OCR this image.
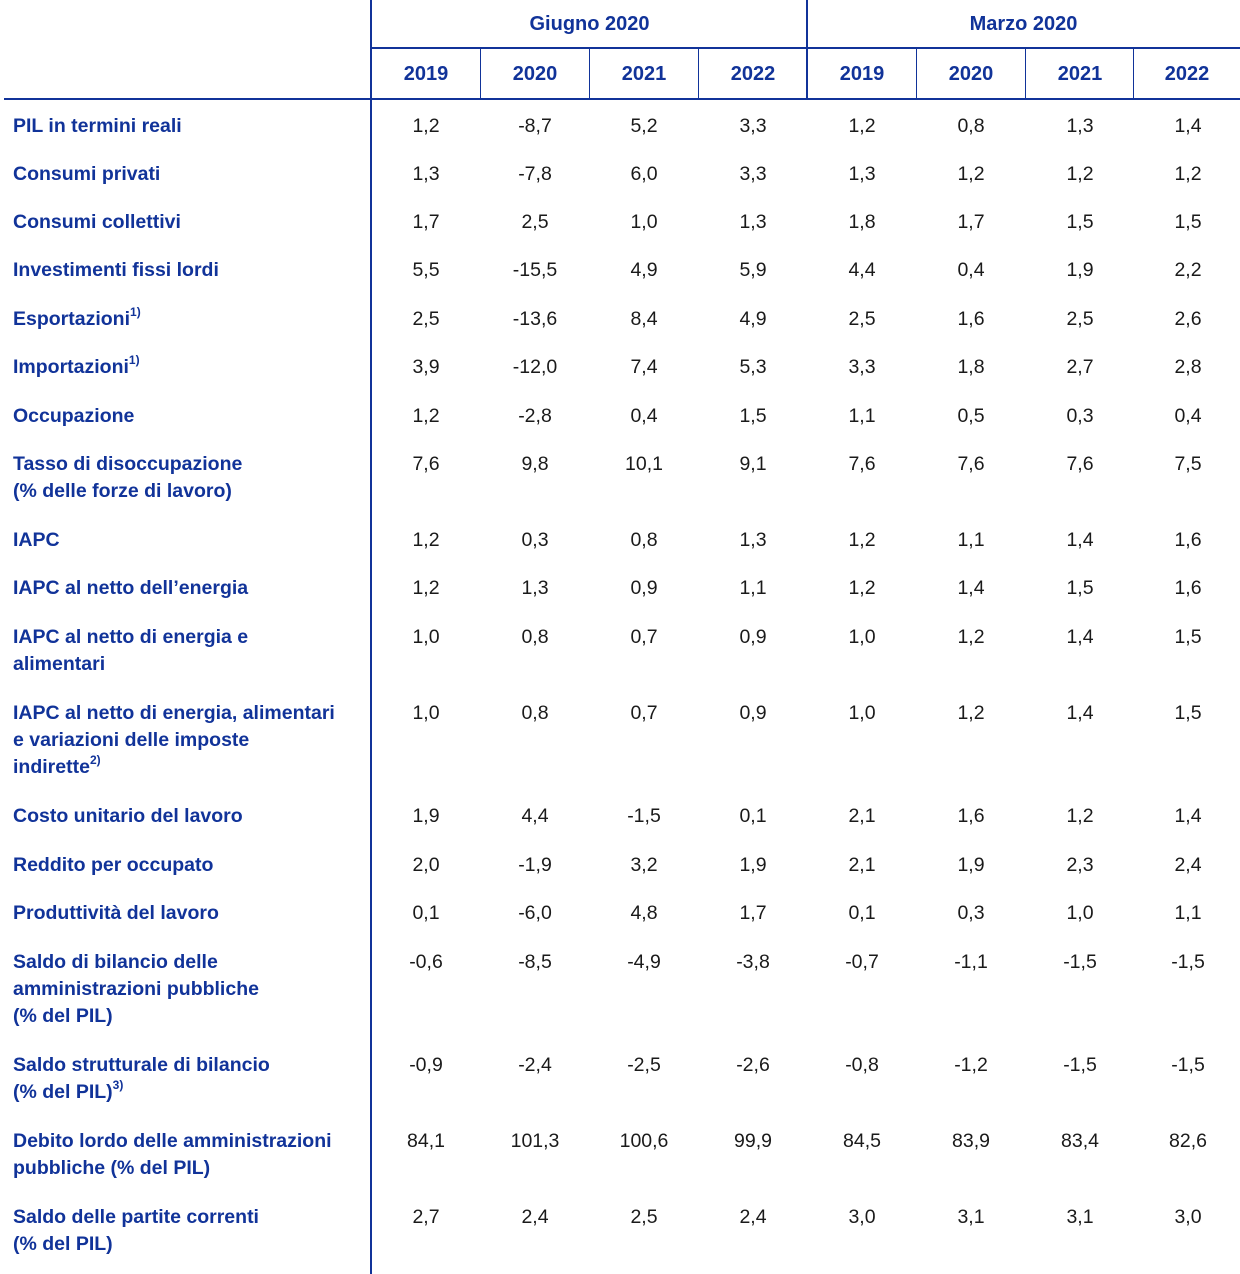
Giugno 2020	Marzo 2020
2019	2020	2021	2022	2019	2020	2021	2022
PIL in termini reali	1,2	-8,7	5,2	3,3	1,2	0,8	1,3	1,4
Consumi privati	1,3	-7,8	6,0	3,3	1,3	1,2	1,2	1,2
Consumi collettivi	1,7	2,5	1,0	1,3	1,8	1,7	1,5	1,5
Investimenti fissi lordi	5,5	-15,5	4,9	5,9	4,4	0,4	1,9	2,2
Esportazioni$^{1)}$	2,5	-13,6	8,4	4,9	2,5	1,6	2,5	2,6
Importazioni$^{1)}$	3,9	-12,0	7,4	5,3	3,3	1,8	2,7	2,8
Occupazione	1,2	-2,8	0,4	1,5	1,1	0,5	0,3	0,4
Tasso di disoccupazione
(% delle forze di lavoro)
7,6	9,8	10,1	9,1	7,6	7,6	7,6	7,5
IAPC	1,2	0,3	0,8	1,3	1,2	1,1	1,4	1,6
IAPC al netto dell’energia	1,2	1,3	0,9	1,1	1,2	1,4	1,5	1,6
IAPC al netto di energia e
alimentari
1,0	0,8	0,7	0,9	1,0	1,2	1,4	1,5
IAPC al netto di energia, alimentari
e variazioni delle imposte
indirette$^{2)}$
1,0	0,8	0,7	0,9	1,0	1,2	1,4	1,5
Costo unitario del lavoro	1,9	4,4	-1,5	0,1	2,1	1,6	1,2	1,4
Reddito per occupato	2,0	-1,9	3,2	1,9	2,1	1,9	2,3	2,4
Produttività del lavoro	0,1	-6,0	4,8	1,7	0,1	0,3	1,0	1,1
Saldo di bilancio delle
amministrazioni pubbliche
(% del PIL)
-0,6	-8,5	-4,9	-3,8	-0,7	-1,1	-1,5	-1,5
Saldo strutturale di bilancio
(% del PIL)$^{3)}$
-0,9	-2,4	-2,5	-2,6	-0,8	-1,2	-1,5	-1,5
Debito lordo delle amministrazioni
pubbliche (% del PIL)
84,1	101,3	100,6	99,9	84,5	83,9	83,4	82,6
Saldo delle partite correnti
(% del PIL)
2,7	2,4	2,5	2,4	3,0	3,1	3,1	3,0
